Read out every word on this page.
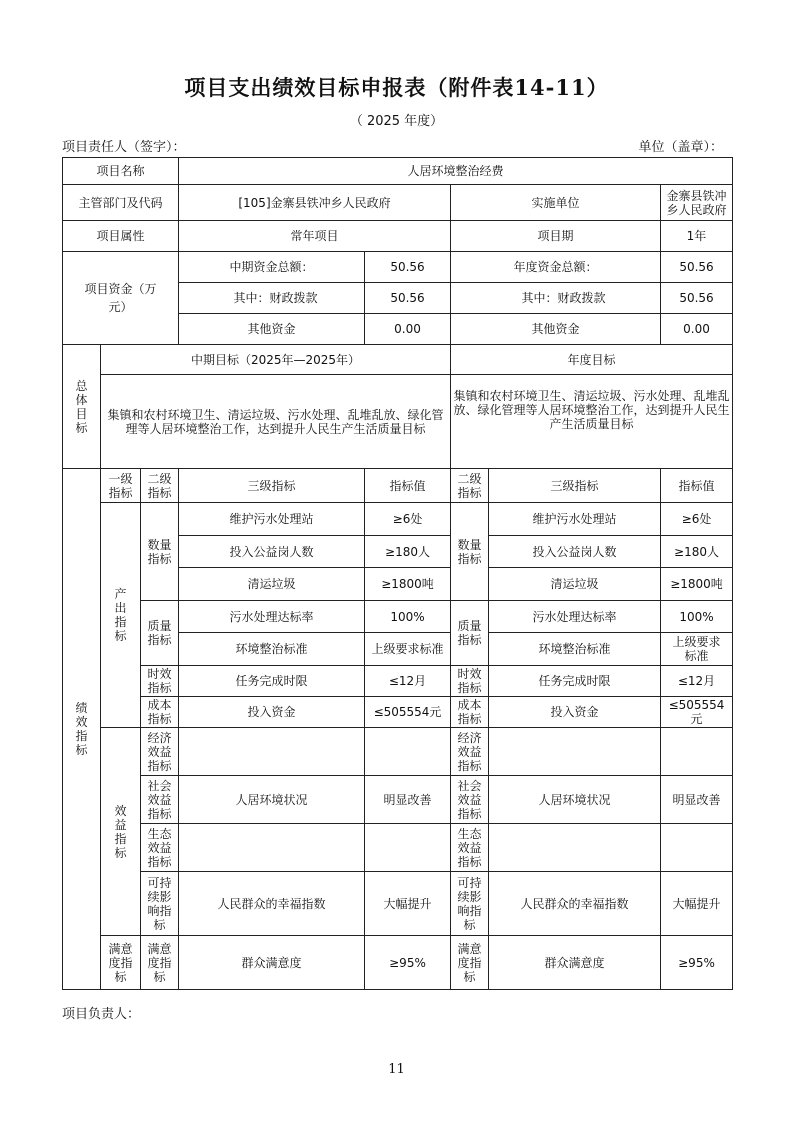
项目支出绩效目标申报表（附件表14-11）
（ 2025 年度）
项目责任人（签字）：	单位（盖章）：
项目名称			人居环境整治经费				
主管部门及代码			[105]金寨县铁冲乡人民政府		实施单位		金寨县铁冲乡人民政府
项目属性			常年项目		项目期		1年
项目资金（万元）			中期资金总额：	50.56	年度资金总额：		50.56
			其中：财政拨款	50.56	其中：财政拨款		50.56
			其他资金	0.00	其他资金		0.00
总体目标	中期目标（2025年—2025年）				年度目标		
	集镇和农村环境卫生、清运垃圾、污水处理、乱堆乱放、绿化管理等人居环境整治工作，达到提升人民生产生活质量目标				集镇和农村环境卫生、清运垃圾、污水处理、乱堆乱放、绿化管理等人居环境整治工作，达到提升人民生产生活质量目标		
绩效指标	一级指标	二级指标	三级指标	指标值	二级指标	三级指标	指标值
	产出指标	数量指标	维护污水处理站	≥6处	数量指标	维护污水处理站	≥6处
			投入公益岗人数	≥180人		投入公益岗人数	≥180人
			清运垃圾	≥1800吨		清运垃圾	≥1800吨
		质量指标	污水处理达标率	100%	质量指标	污水处理达标率	100%
			环境整治标准	上级要求标准		环境整治标准	上级要求标准
		时效指标	任务完成时限	≤12月	时效指标	任务完成时限	≤12月
		成本指标	投入资金	≤505554元	成本指标	投入资金	≤505554元
	效益指标	经济效益指标			经济效益指标		
		社会效益指标	人居环境状况	明显改善	社会效益指标	人居环境状况	明显改善
		生态效益指标			生态效益指标		
		可持续影响指标	人民群众的幸福指数	大幅提升	可持续影响指标	人民群众的幸福指数	大幅提升
	满意度指标	满意度指标	群众满意度	≥95%	满意度指标	群众满意度	≥95%
项目负责人：
11
